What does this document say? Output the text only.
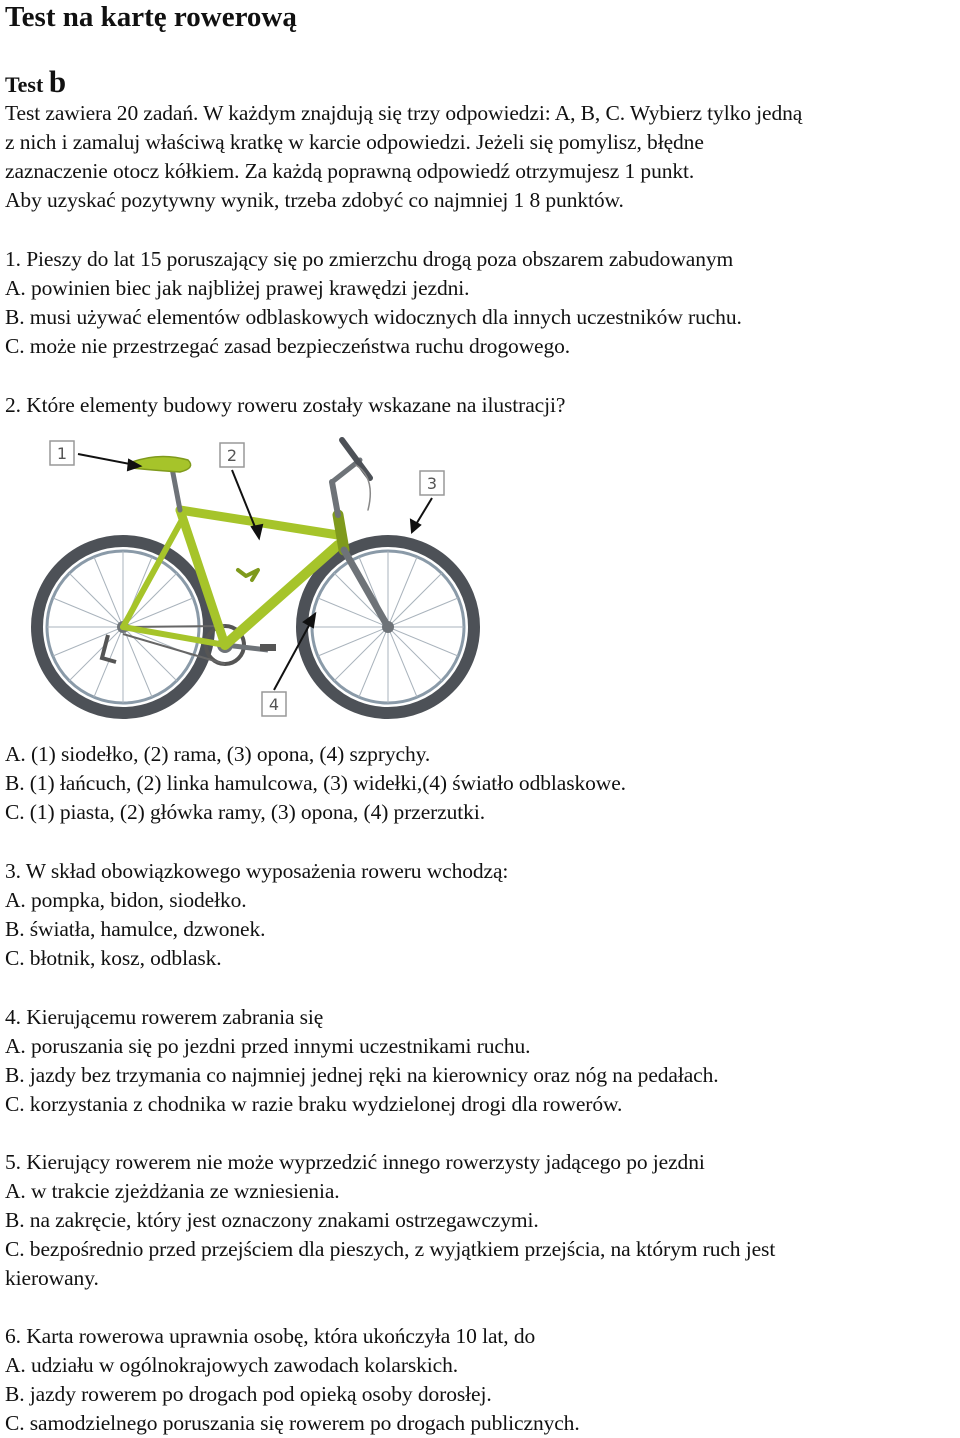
Test na kartę rowerową
Test b
Test zawiera 20 zadań. W każdym znajdują się trzy odpowiedzi: A, B, C. Wybierz tylko jedną
z nich i zamaluj właściwą kratkę w karcie odpowiedzi. Jeżeli się pomylisz, błędne
zaznaczenie otocz kółkiem. Za każdą poprawną odpowiedź otrzymujesz 1 punkt.
Aby uzyskać pozytywny wynik, trzeba zdobyć co najmniej 1 8 punktów.
1. Pieszy do lat 15 poruszający się po zmierzchu drogą poza obszarem zabudowanym
A. powinien biec jak najbliżej prawej krawędzi jezdni.
B. musi używać elementów odblaskowych widocznych dla innych uczestników ruchu.
C. może nie przestrzegać zasad bezpieczeństwa ruchu drogowego.
2. Które elementy budowy roweru zostały wskazane na ilustracji?
1	2
3
4
A. (1) siodełko, (2) rama, (3) opona, (4) szprychy.
B. (1) łańcuch, (2) linka hamulcowa, (3) widełki,(4) światło odblaskowe.
C. (1) piasta, (2) główka ramy, (3) opona, (4) przerzutki.
3. W skład obowiązkowego wyposażenia roweru wchodzą:
A. pompka, bidon, siodełko.
B. światła, hamulce, dzwonek.
C. błotnik, kosz, odblask.
4. Kierującemu rowerem zabrania się
A. poruszania się po jezdni przed innymi uczestnikami ruchu.
B. jazdy bez trzymania co najmniej jednej ręki na kierownicy oraz nóg na pedałach.
C. korzystania z chodnika w razie braku wydzielonej drogi dla rowerów.
5. Kierujący rowerem nie może wyprzedzić innego rowerzysty jadącego po jezdni
A. w trakcie zjeżdżania ze wzniesienia.
B. na zakręcie, który jest oznaczony znakami ostrzegawczymi.
C. bezpośrednio przed przejściem dla pieszych, z wyjątkiem przejścia, na którym ruch jest
kierowany.
6. Karta rowerowa uprawnia osobę, która ukończyła 10 lat, do
A. udziału w ogólnokrajowych zawodach kolarskich.
B. jazdy rowerem po drogach pod opieką osoby dorosłej.
C. samodzielnego poruszania się rowerem po drogach publicznych.
